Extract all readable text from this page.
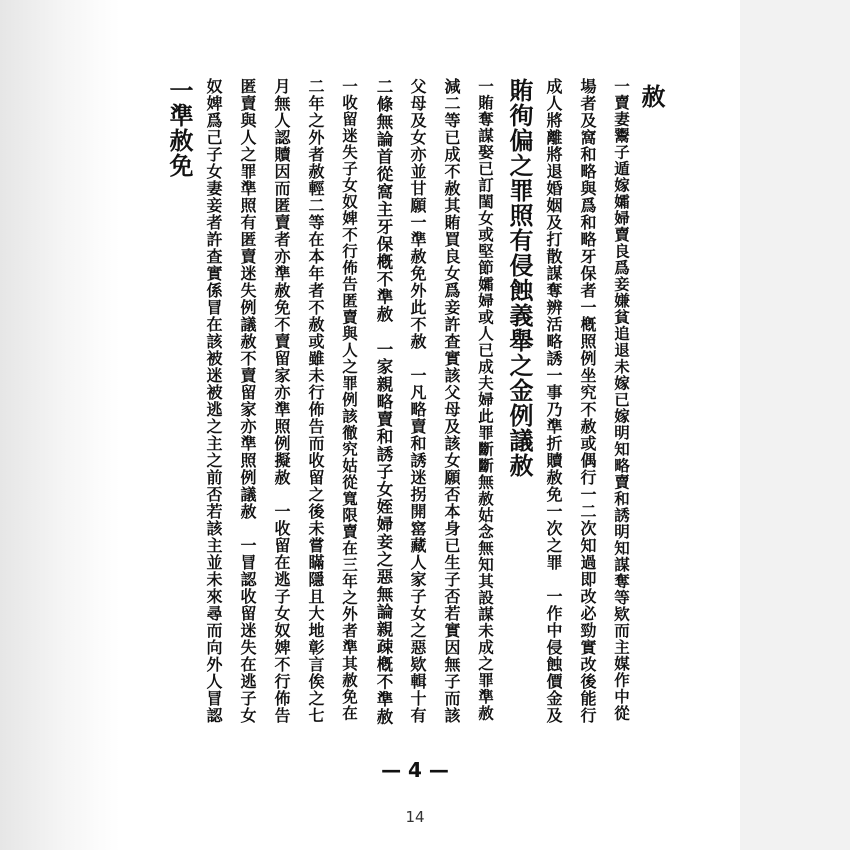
赦
一賣妻鬻子遁嫁孀婦賣良爲妾嫌貧追退未嫁已嫁明知略賣和誘明知謀奪等欵而主媒作中從
場者及窩和略與爲和略牙保者一槪照例坐究不赦或偶行一二次知過即改必勁實改後能行
成人將離將退婚姻及打散謀奪辨活略誘一事乃準折贖赦免一次之罪　一作中侵蝕價金及
賄徇偏之罪照有侵蝕義舉之金例議赦
一賄奪謀娶已訂閨女或堅節孀婦或人已成夫婦此罪斷斷無赦姑念無知其設謀未成之罪準赦
減二等已成不赦其賄買良女爲妾許查實該父母及該女願否本身已生子否若實因無子而該
父母及女亦並甘願一準赦免外此不赦　一凡略賣和誘迷拐開窰藏人家子女之惡欵輯十有
二條無論首從窩主牙保槪不準赦　一家親略賣和誘子女姪婦妾之惡無論親疎槪不準赦
一收留迷失子女奴婢不行佈告匿賣與人之罪例該徹究姑從寬限賣在三年之外者準其赦免在
二年之外者赦輕二等在本年者不赦或雖未行佈告而收留之後未嘗瞞隱且大地彰言俟之七
月無人認贖因而匿賣者亦準赦免不賣留家亦準照例擬赦　一收留在逃子女奴婢不行佈告
匿賣與人之罪準照有匿賣迷失例議赦不賣留家亦準照例議赦　一冒認收留迷失在逃子女
奴婢爲己子女妻妾者許查實係冒在該被迷被逃之主之前否若該主並未來尋而向外人冒認
一準赦免
— 4 —
14
